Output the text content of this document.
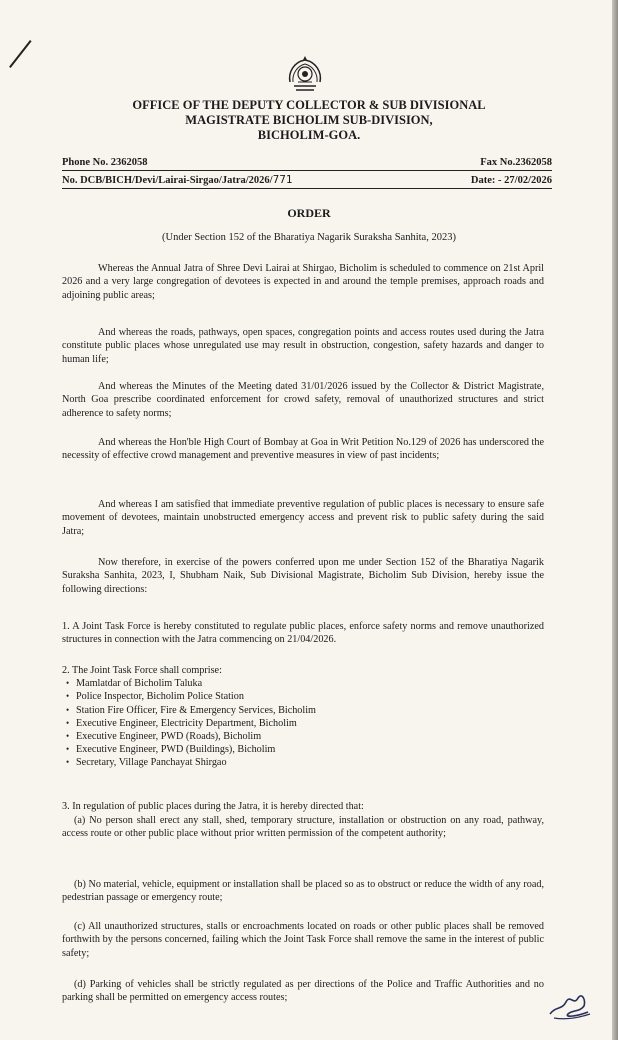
OFFICE OF THE DEPUTY COLLECTOR & SUB DIVISIONAL
MAGISTRATE BICHOLIM SUB-DIVISION,
BICHOLIM-GOA.
Phone No. 2362058	Fax No.2362058
No. DCB/BICH/Devi/Lairai-Sirgao/Jatra/2026/771	Date: - 27/02/2026
ORDER
(Under Section 152 of the Bharatiya Nagarik Suraksha Sanhita, 2023)
Whereas the Annual Jatra of Shree Devi Lairai at Shirgao, Bicholim is scheduled to commence on 21st April 2026 and a very large congregation of devotees is expected in and around the temple premises, approach roads and adjoining public areas;
And whereas the roads, pathways, open spaces, congregation points and access routes used during the Jatra constitute public places whose unregulated use may result in obstruction, congestion, safety hazards and danger to human life;
And whereas the Minutes of the Meeting dated 31/01/2026 issued by the Collector & District Magistrate, North Goa prescribe coordinated enforcement for crowd safety, removal of unauthorized structures and strict adherence to safety norms;
And whereas the Hon'ble High Court of Bombay at Goa in Writ Petition No.129 of 2026 has underscored the necessity of effective crowd management and preventive measures in view of past incidents;
And whereas I am satisfied that immediate preventive regulation of public places is necessary to ensure safe movement of devotees, maintain unobstructed emergency access and prevent risk to public safety during the said Jatra;
Now therefore, in exercise of the powers conferred upon me under Section 152 of the Bharatiya Nagarik Suraksha Sanhita, 2023, I, Shubham Naik, Sub Divisional Magistrate, Bicholim Sub Division, hereby issue the following directions:
1. A Joint Task Force is hereby constituted to regulate public places, enforce safety norms and remove unauthorized structures in connection with the Jatra commencing on 21/04/2026.
2. The Joint Task Force shall comprise:
• Mamlatdar of Bicholim Taluka
• Police Inspector, Bicholim Police Station
• Station Fire Officer, Fire & Emergency Services, Bicholim
• Executive Engineer, Electricity Department, Bicholim
• Executive Engineer, PWD (Roads), Bicholim
• Executive Engineer, PWD (Buildings), Bicholim
• Secretary, Village Panchayat Shirgao
3. In regulation of public places during the Jatra, it is hereby directed that:
(a) No person shall erect any stall, shed, temporary structure, installation or obstruction on any road, pathway, access route or other public place without prior written permission of the competent authority;
(b) No material, vehicle, equipment or installation shall be placed so as to obstruct or reduce the width of any road, pedestrian passage or emergency route;
(c) All unauthorized structures, stalls or encroachments located on roads or other public places shall be removed forthwith by the persons concerned, failing which the Joint Task Force shall remove the same in the interest of public safety;
(d) Parking of vehicles shall be strictly regulated as per directions of the Police and Traffic Authorities and no parking shall be permitted on emergency access routes;
